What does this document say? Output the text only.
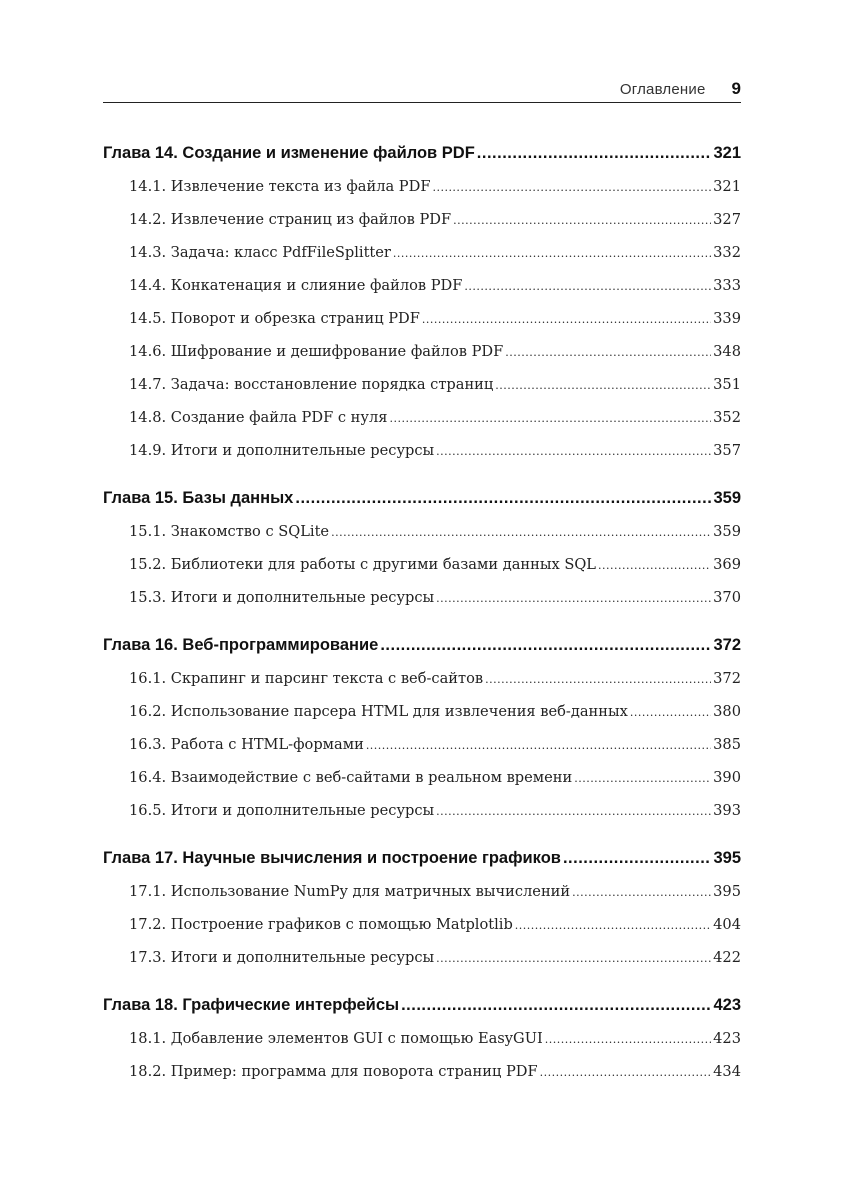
Оглавление 9
Глава 14. Создание и изменение файлов PDF .....	321
14.1. Извлечение текста из файла PDF .....	321
14.2. Извлечение страниц из файлов PDF .....	327
14.3. Задача: класс PdfFileSplitter .....	332
14.4. Конкатенация и слияние файлов PDF .....	333
14.5. Поворот и обрезка страниц PDF .....	339
14.6. Шифрование и дешифрование файлов PDF .....	348
14.7. Задача: восстановление порядка страниц .....	351
14.8. Создание файла PDF с нуля .....	352
14.9. Итоги и дополнительные ресурсы .....	357
Глава 15. Базы данных .....	359
15.1. Знакомство с SQLite .....	359
15.2. Библиотеки для работы с другими базами данных SQL .....	369
15.3. Итоги и дополнительные ресурсы .....	370
Глава 16. Веб-программирование .....	372
16.1. Скрапинг и парсинг текста с веб-сайтов .....	372
16.2. Использование парсера HTML для извлечения веб-данных .....	380
16.3. Работа с HTML-формами .....	385
16.4. Взаимодействие с веб-сайтами в реальном времени .....	390
16.5. Итоги и дополнительные ресурсы .....	393
Глава 17. Научные вычисления и построение графиков .....	395
17.1. Использование NumPy для матричных вычислений .....	395
17.2. Построение графиков с помощью Matplotlib .....	404
17.3. Итоги и дополнительные ресурсы .....	422
Глава 18. Графические интерфейсы .....	423
18.1. Добавление элементов GUI с помощью EasyGUI .....	423
18.2. Пример: программа для поворота страниц PDF .....	434
